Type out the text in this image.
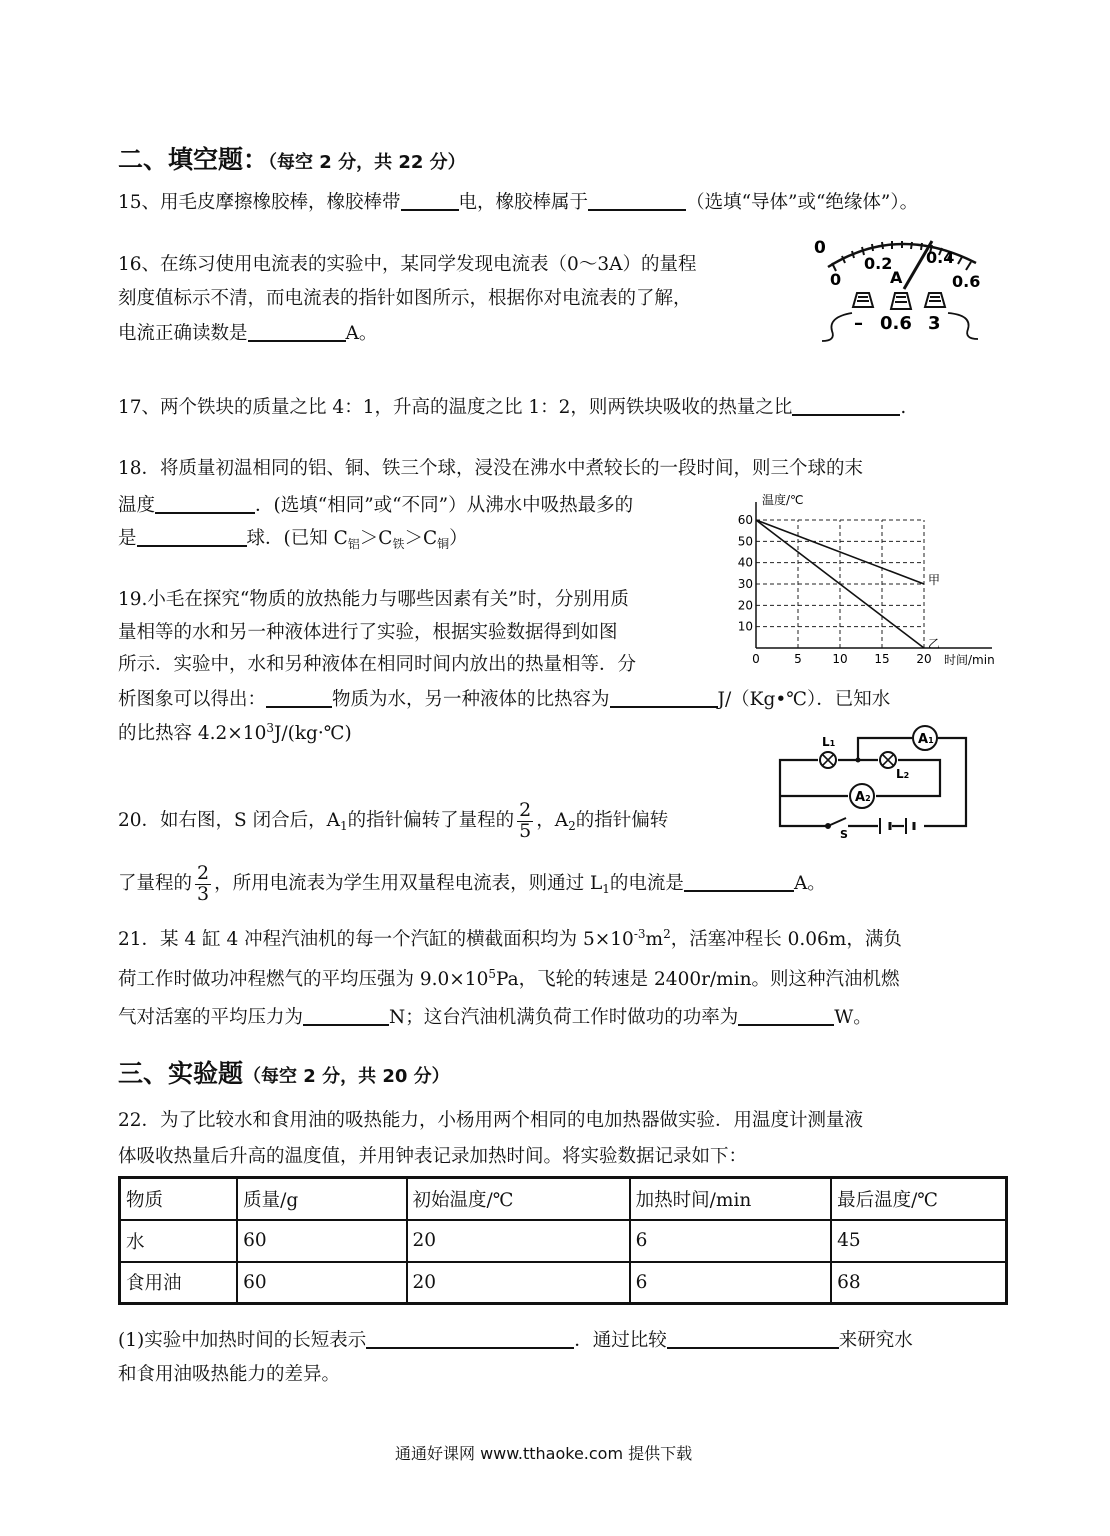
二、填空题：（每空 2 分，共 22 分）
15、用毛皮摩擦橡胶棒，橡胶棒带	电，橡胶棒属于	（选填“导体”或“绝缘体”）。
16、在练习使用电流表的实验中，某同学发现电流表（0～3A）的量程
刻度值标示不清，而电流表的指针如图所示，根据你对电流表的了解，
电流正确读数是	A。
0
0
0.2 0.4
0.6
A
– 0.6 3
17、两个铁块的质量之比 4：1，升高的温度之比 1：2，则两铁块吸收的热量之比	.
18．将质量初温相同的铝、铜、铁三个球，浸没在沸水中煮较长的一段时间，则三个球的末
温度	．(选填“相同”或“不同”）从沸水中吸热最多的
是	球．(已知 $C_铝>C_铁>C_铜$）
10
20
30
40
50
60
0	5	10 15 20
甲
乙
温度/℃
时间/min
19.小毛在探究“物质的放热能力与哪些因素有关”时，分别用质
量相等的水和另一种液体进行了实验，根据实验数据得到如图
所示．实验中，水和另种液体在相同时间内放出的热量相等．分
析图象可以得出：	物质为水，另一种液体的比热容为	J/（Kg•℃）．已知水
的比热容 $4.2\times 10^3J/(kg\cdot℃)$	A1
A2
L1
L2
S
20．如右图，S 闭合后，$A_1$的指针偏转了量程的 $\frac{2}{5}$ ，$A_2$的指针偏转
了量程的 $\frac{2}{3}$ ，所用电流表为学生用双量程电流表，则通过 $L_1$的电流是	A。
21．某 4 缸 4 冲程汽油机的每一个汽缸的横截面积均为 $5\times 10^{-3}m^2$，活塞冲程长 0.06m，满负
荷工作时做功冲程燃气的平均压强为 $9.0\times 10^5Pa$，飞轮的转速是 2400r/min。则这种汽油机燃
气对活塞的平均压力为	N；这台汽油机满负荷工作时做功的功率为	W。
三、实验题（每空 2 分，共 20 分）
22．为了比较水和食用油的吸热能力，小杨用两个相同的电加热器做实验．用温度计测量液
体吸收热量后升高的温度值，并用钟表记录加热时间。将实验数据记录如下：
物质	质量/g	初始温度/℃	加热时间/min	最后温度/℃
水	60	20	6	45
食用油	60	20	6	68
(1)实验中加热时间的长短表示	．通过比较	来研究水
和食用油吸热能力的差异。
通通好课网 www.tthaoke.com 提供下载
